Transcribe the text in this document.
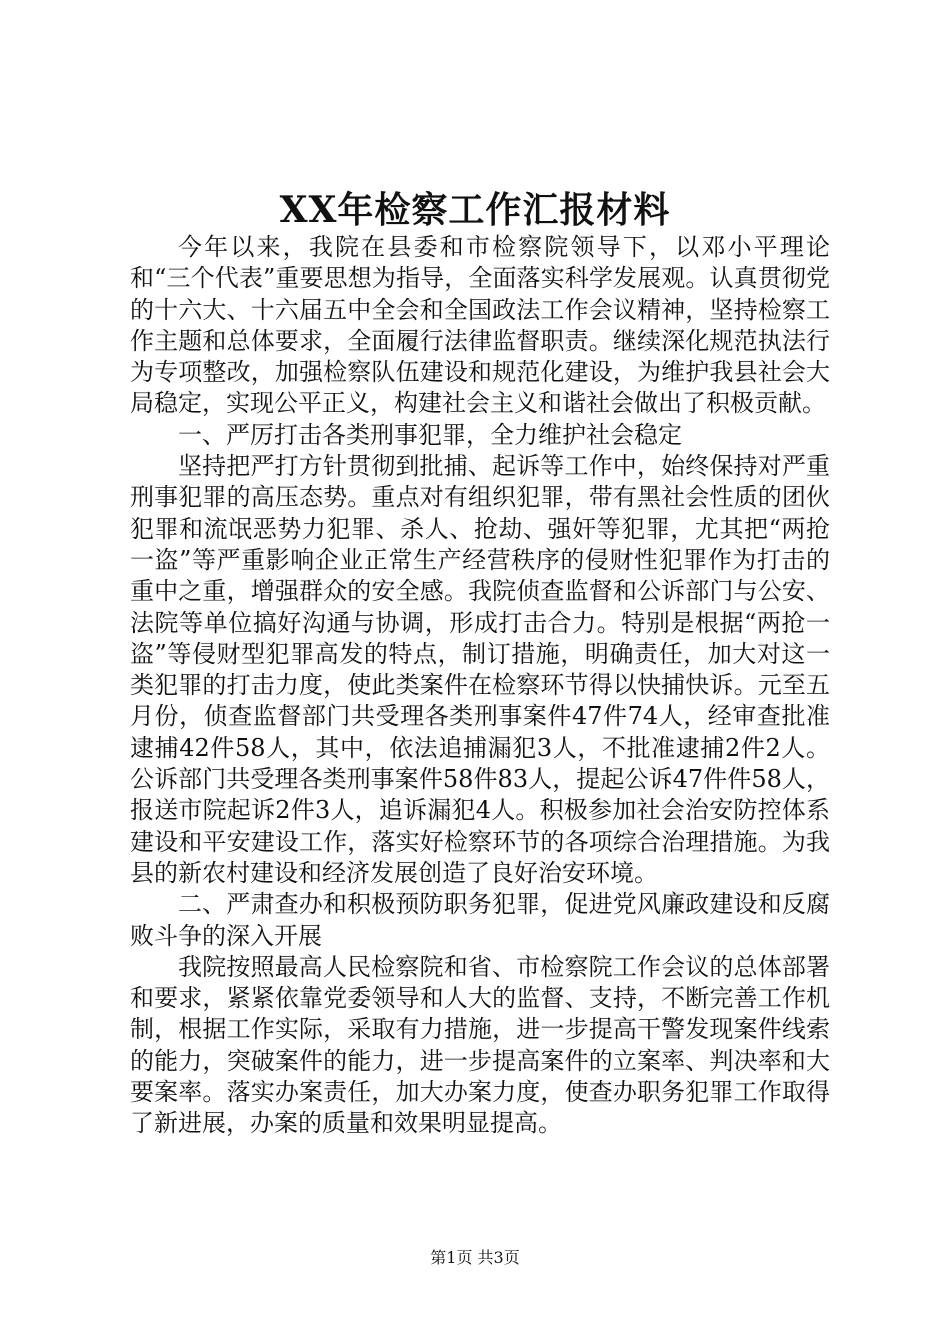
XX年检察工作汇报材料

今年以来，我院在县委和市检察院领导下，以邓小平理论和“三个代表”重要思想为指导，全面落实科学发展观。认真贯彻党的十六大、十六届五中全会和全国政法工作会议精神，坚持检察工作主题和总体要求，全面履行法律监督职责。继续深化规范执法行为专项整改，加强检察队伍建设和规范化建设，为维护我县社会大局稳定，实现公平正义，构建社会主义和谐社会做出了积极贡献。

一、严厉打击各类刑事犯罪，全力维护社会稳定

坚持把严打方针贯彻到批捕、起诉等工作中，始终保持对严重刑事犯罪的高压态势。重点对有组织犯罪，带有黑社会性质的团伙犯罪和流氓恶势力犯罪、杀人、抢劫、强奸等犯罪，尤其把“两抢一盗”等严重影响企业正常生产经营秩序的侵财性犯罪作为打击的重中之重，增强群众的安全感。我院侦查监督和公诉部门与公安、法院等单位搞好沟通与协调，形成打击合力。特别是根据“两抢一盗”等侵财型犯罪高发的特点，制订措施，明确责任，加大对这一类犯罪的打击力度，使此类案件在检察环节得以快捕快诉。元至五月份，侦查监督部门共受理各类刑事案件47件74人，经审查批准逮捕42件58人，其中，依法追捕漏犯3人，不批准逮捕2件2人。公诉部门共受理各类刑事案件58件83人，提起公诉47件件58人，报送市院起诉2件3人，追诉漏犯4人。积极参加社会治安防控体系建设和平安建设工作，落实好检察环节的各项综合治理措施。为我县的新农村建设和经济发展创造了良好治安环境。

二、严肃查办和积极预防职务犯罪，促进党风廉政建设和反腐败斗争的深入开展

我院按照最高人民检察院和省、市检察院工作会议的总体部署和要求，紧紧依靠党委领导和人大的监督、支持，不断完善工作机制，根据工作实际，采取有力措施，进一步提高干警发现案件线索的能力，突破案件的能力，进一步提高案件的立案率、判决率和大要案率。落实办案责任，加大办案力度，使查办职务犯罪工作取得了新进展，办案的质量和效果明显提高。

第1页 共3页
